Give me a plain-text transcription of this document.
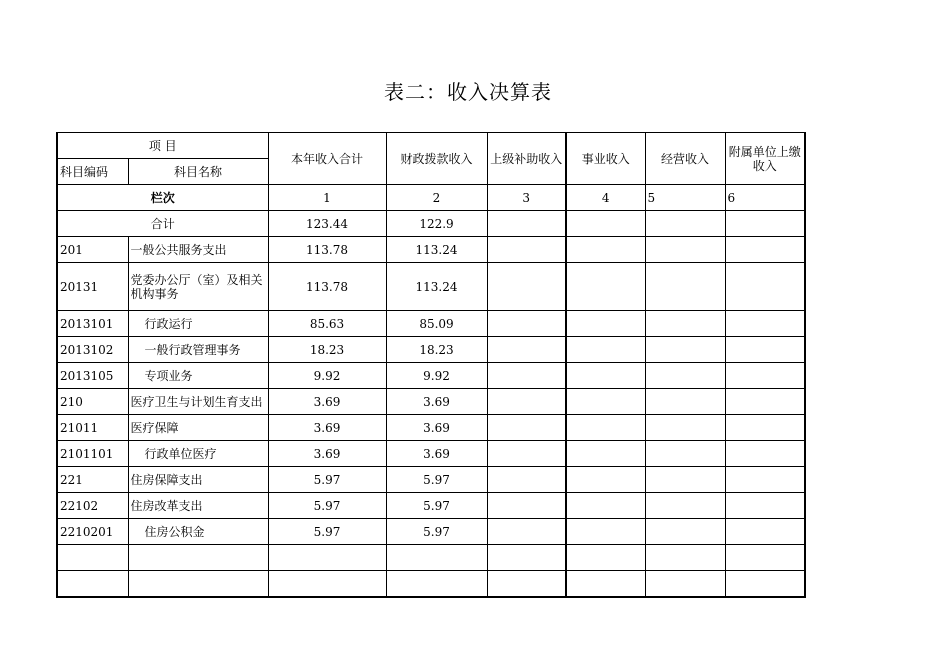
表二：收入决算表
项 目		本年收入合计	财政拨款收入	上级补助收入	事业收入	经营收入	附属单位上缴收入
科目编码	科目名称						
栏次		1	2	3	4	5	6
合计		123.44	122.9				
201	一般公共服务支出	113.78	113.24				
20131	党委办公厅（室）及相关机构事务	113.78	113.24				
2013101	行政运行	85.63	85.09				
2013102	一般行政管理事务	18.23	18.23				
2013105	专项业务	9.92	9.92				
210	医疗卫生与计划生育支出	3.69	3.69				
21011	医疗保障	3.69	3.69				
2101101	行政单位医疗	3.69	3.69				
221	住房保障支出	5.97	5.97				
22102	住房改革支出	5.97	5.97				
2210201	住房公积金	5.97	5.97				
